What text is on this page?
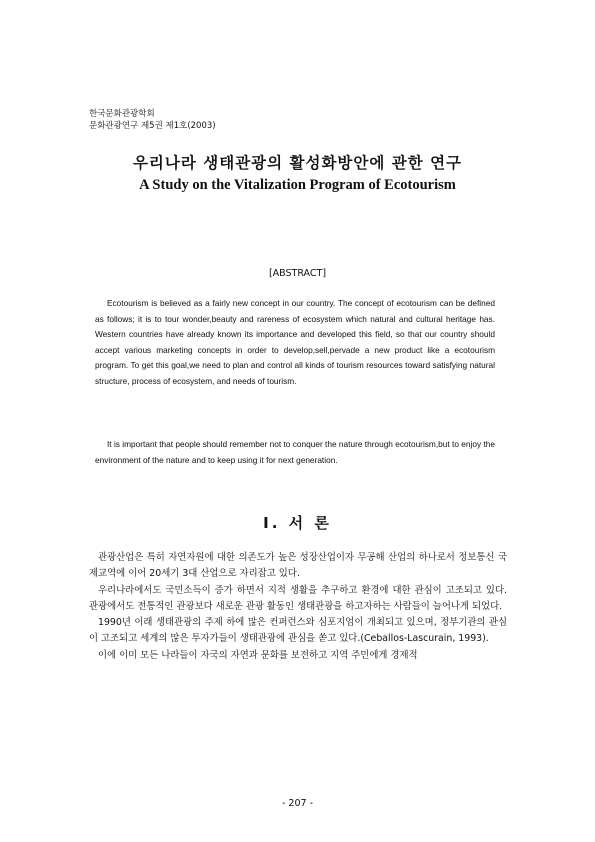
한국문화관광학회
문화관광연구 제5권 제1호(2003)
우리나라 생태관광의 활성화방안에 관한 연구
A Study on the Vitalization Program of Ecotourism
[ABSTRACT]

Ecotourism is believed as a fairly new concept in our country. The concept of ecotourism can be defined as follows; it is to tour wonder,beauty and rareness of ecosystem which natural and cultural heritage has. Western countries have already known its importance and developed this field, so that our country should accept various marketing concepts in order to develop,sell,pervade a new product like a ecotourism program. To get this goal,we need to plan and control all kinds of tourism resources toward satisfying natural structure, process of ecosystem, and needs of tourism.

It is important that people should remember not to conquer the nature through ecotourism,but to enjoy the environment of the nature and to keep using it for next generation.

Ⅰ. 서 론

관광산업은 특히 자연자원에 대한 의존도가 높은 성장산업이자 무공해 산업의 하나로서 정보통신 국제교역에 이어 20세기 3대 산업으로 자리잡고 있다.

우리나라에서도 국민소득이 증가 하면서 지적 생활을 추구하고 환경에 대한 관심이 고조되고 있다. 관광에서도 전통적인 관광보다 새로운 관광 활동인 생태관광을 하고자하는 사람들이 늘어나게 되었다.

1990년 이래 생태관광의 주제 하에 많은 컨퍼런스와 심포지엄이 개최되고 있으며, 정부기관의 관심이 고조되고 세계의 많은 투자가들이 생태관광에 관심을 쏟고 있다.(Ceballos-Lascurain, 1993).

이에 이미 모든 나라들이 자국의 자연과 문화를 보전하고 지역 주민에게 경제적

- 207 -
